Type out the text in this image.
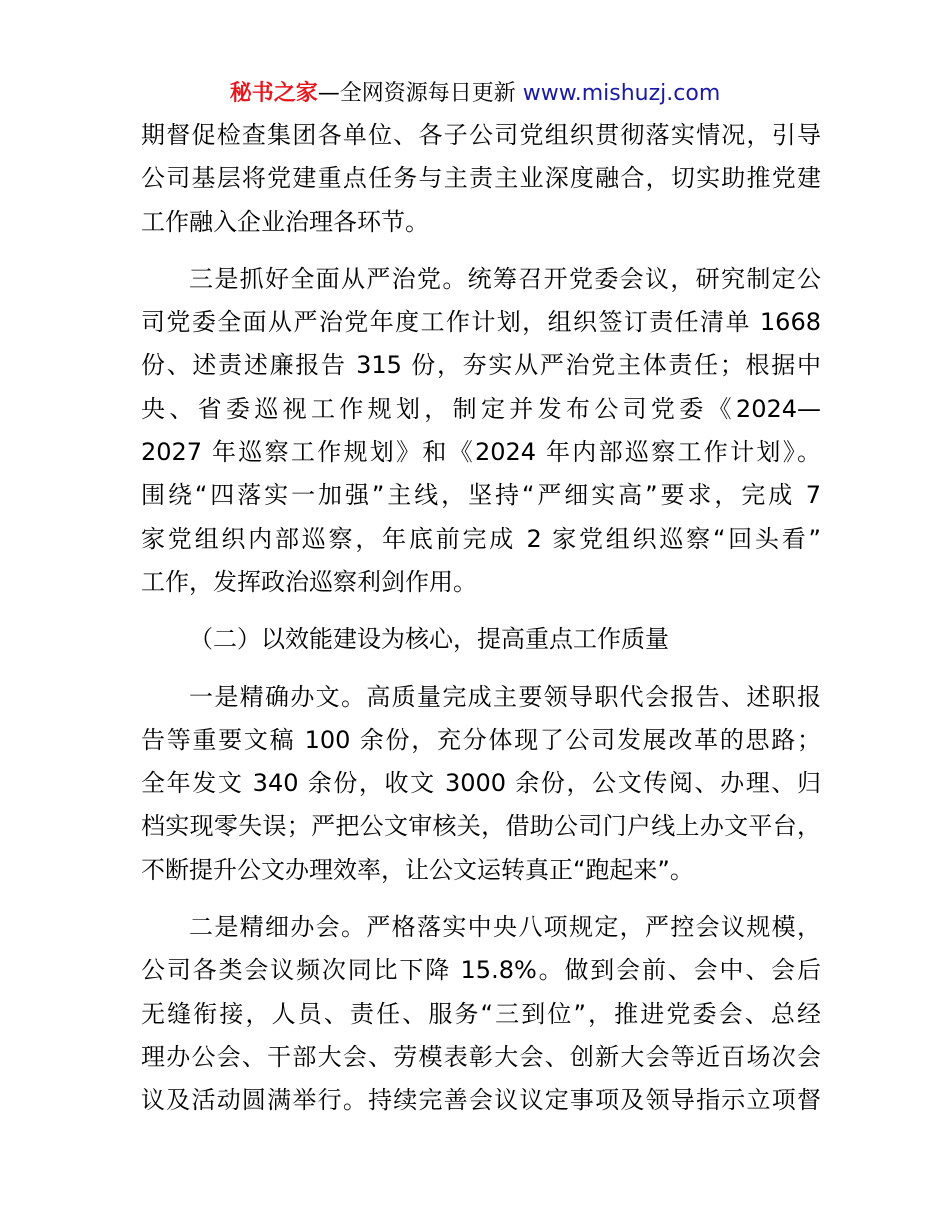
秘书之家—全网资源每日更新 www.mishuzj.com
期督促检查集团各单位、各子公司党组织贯彻落实情况，引导
公司基层将党建重点任务与主责主业深度融合，切实助推党建
工作融入企业治理各环节。
三是抓好全面从严治党。统筹召开党委会议，研究制定公
司党委全面从严治党年度工作计划，组织签订责任清单 1668
份、述责述廉报告 315 份，夯实从严治党主体责任；根据中
央、省委巡视工作规划，制定并发布公司党委《2024—
2027 年巡察工作规划》和《2024 年内部巡察工作计划》。
围绕“四落实一加强”主线，坚持“严细实高”要求，完成 7
家党组织内部巡察，年底前完成 2 家党组织巡察“回头看”
工作，发挥政治巡察利剑作用。
（二）以效能建设为核心，提高重点工作质量
一是精确办文。高质量完成主要领导职代会报告、述职报
告等重要文稿 100 余份，充分体现了公司发展改革的思路；
全年发文 340 余份，收文 3000 余份，公文传阅、办理、归
档实现零失误；严把公文审核关，借助公司门户线上办文平台，
不断提升公文办理效率，让公文运转真正“跑起来”。
二是精细办会。严格落实中央八项规定，严控会议规模，
公司各类会议频次同比下降 15.8%。做到会前、会中、会后
无缝衔接，人员、责任、服务“三到位”，推进党委会、总经
理办公会、干部大会、劳模表彰大会、创新大会等近百场次会
议及活动圆满举行。持续完善会议议定事项及领导指示立项督
